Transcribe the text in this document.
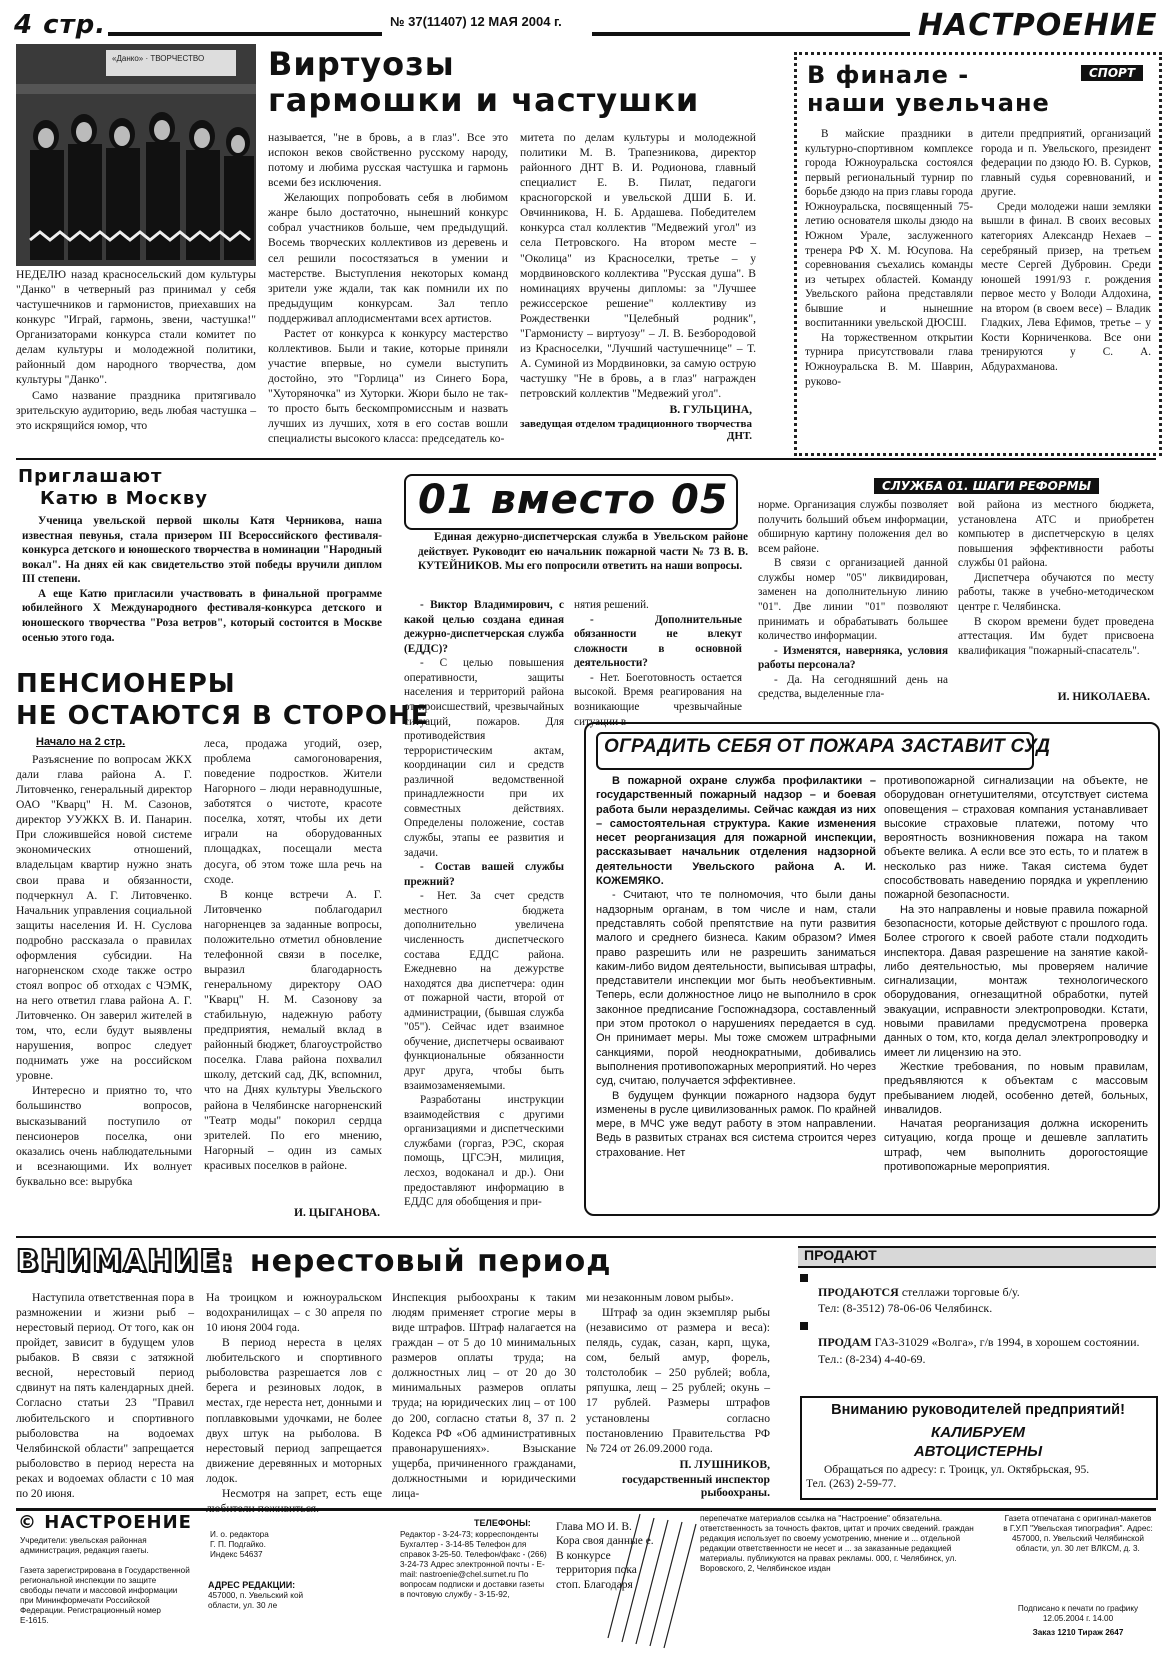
4 стр.	№ 37(11407) 12 МАЯ 2004 г.	НАСТРОЕНИЕ
«Данко» · ТВОРЧЕСТВО Виртуозы
гармошки и частушки

НЕДЕЛЮ назад красносельский дом культуры "Данко" в четверный раз принимал у себя частушечников и гармонистов, приехавших на конкурс "Играй, гармонь, звени, частушка!" Организаторами конкурса стали комитет по делам культуры и молодежной политики, районный дом народного творчества, дом культуры "Данко".

Само название праздника притягивало зрительскую аудиторию, ведь любая частушка – это искрящийся юмор, что

называется, "не в бровь, а в глаз". Все это испокон веков свойственно русскому народу, потому и любима русская частушка и гармонь всеми без исключения.

Желающих попробовать себя в любимом жанре было достаточно, нынешний конкурс собрал участников больше, чем предыдущий. Восемь творческих коллективов из деревень и сел решили посостязаться в умении и мастерстве. Выступления некоторых команд зрители уже ждали, так как помнили их по предыдущим конкурсам. Зал тепло поддерживал аплодисментами всех артистов.

Растет от конкурса к конкурсу мастерство коллективов. Были и такие, которые приняли участие впервые, но сумели выступить достойно, это "Горлица" из Синего Бора, "Хуторяночка" из Хуторки. Жюри было не так-то просто быть бескомпромиссным и назвать лучших из лучших, хотя в его состав вошли специалисты высокого класса: председатель ко-

митета по делам культуры и молодежной политики М. В. Трапезникова, директор районного ДНТ В. И. Родионова, главный специалист Е. В. Пилат, педагоги красногорской и увельской ДШИ Б. И. Овчинникова, Н. Б. Ардашева. Победителем конкурса стал коллектив "Медвежий угол" из села Петровского. На втором месте – "Околица" из Красноселки, третье – у мордвиновского коллектива "Русская душа". В номинациях вручены дипломы: за "Лучшее режиссерское решение" коллективу из Рождественки "Целебный родник", "Гармонисту – виртуозу" – Л. В. Безбородовой из Красноселки, "Лучший частушечнице" – Т. А. Суминой из Мордвиновки, за самую острую частушку "Не в бровь, а в глаз" награжден петровский коллектив "Медвежий угол".

В. ГУЛЬЦИНА,
заведущая отделом традиционного творчества ДНТ.
В финале -
наши увельчане
СПОРТ

В майские праздники в культурно-спортивном комплексе города Южноуральска состоялся первый региональный турнир по борьбе дзюдо на приз главы города Южноуральска, посвященный 75-летию основателя школы дзюдо на Южном Урале, заслуженного тренера РФ Х. М. Юсупова. На соревнования съехались команды из четырех областей. Команду Увельского района представляли бывшие и нынешние воспитанники увельской ДЮСШ.

На торжественном открытии турнира присутствовали глава Южноуральска В. М. Шаврин, руково-

дители предприятий, организаций города и п. Увельского, президент федерации по дзюдо Ю. В. Сурков, главный судья соревнований, и другие.

Среди молодежи наши земляки вышли в финал. В своих весовых категориях Александр Нехаев – серебряный призер, на третьем месте Сергей Дубровин. Среди юношей 1991/93 г. рождения первое место у Володи Алдохина, на втором (в своем весе) – Владик Гладких, Лева Ефимов, третье – у Кости Корниченкова. Все они тренируются у С. А. Абдурахманова.

Приглашают
Катю в Москву

Ученица увельской первой школы Катя Черникова, наша известная певунья, стала призером III Всероссийского фестиваля-конкурса детского и юношеского творчества в номинации "Народный вокал". На днях ей как свидетельство этой победы вручили диплом III степени.

А еще Катю пригласили участвовать в финальной программе юбилейного X Международного фестиваля-конкурса детского и юношеского творчества "Роза ветров", который состоится в Москве осенью этого года.

ПЕНСИОНЕРЫ
НЕ ОСТАЮТСЯ В СТОРОНЕ
Начало на 2 стр.

Разъяснение по вопросам ЖКХ дали глава района А. Г. Литовченко, генеральный директор ОАО "Кварц" Н. М. Сазонов, директор УУЖКХ В. И. Панарин. При сложившейся новой системе экономических отношений, владельцам квартир нужно знать свои права и обязанности, подчеркнул А. Г. Литовченко. Начальник управления социальной защиты населения И. Н. Суслова подробно рассказала о правилах оформления субсидии. На нагорненском сходе также остро стоял вопрос об отходах с ЧЭМК, на него ответил глава района А. Г. Литовченко. Он заверил жителей в том, что, если будут выявлены нарушения, вопрос следует поднимать уже на российском уровне.

Интересно и приятно то, что большинство вопросов, высказываний поступило от пенсионеров поселка, они оказались очень наблюдательными и всезнающими. Их волнует буквально все: вырубка

леса, продажа угодий, озер, проблема самогоноварения, поведение подростков. Жители Нагорного – люди неравнодушные, заботятся о чистоте, красоте поселка, хотят, чтобы их дети играли на оборудованных площадках, посещали места досуга, об этом тоже шла речь на сходе.

В конце встречи А. Г. Литовченко поблагодарил нагорненцев за заданные вопросы, положительно отметил обновление телефонной связи в поселке, выразил благодарность генеральному директору ОАО "Кварц" Н. М. Сазонову за стабильную, надежную работу предприятия, немалый вклад в районный бюджет, благоустройство поселка. Глава района похвалил школу, детский сад, ДК, вспомнил, что на Днях культуры Увельского района в Челябинске нагорненский "Театр моды" покорил сердца зрителей. По его мнению, Нагорный – один из самых красивых поселков в районе.

И. ЦЫГАНОВА.
01 вместо 05	СЛУЖБА 01. ШАГИ РЕФОРМЫ

Единая дежурно-диспетчерская служба в Увельском районе действует. Руководит ею начальник пожарной части № 73 В. В. КУТЕЙНИКОВ. Мы его попросили ответить на наши вопросы.

- Виктор Владимирович, с какой целью создана единая дежурно-диспетчерская служба (ЕДДС)?

- С целью повышения оперативности, защиты населения и территорий района от происшествий, чрезвычайных ситуаций, пожаров. Для противодействия террористическим актам, координации сил и средств различной ведомственной принадлежности при их совместных действиях. Определены положение, состав службы, этапы ее развития и задачи.

- Состав вашей службы прежний?

- Нет. За счет средств местного бюджета дополнительно увеличена численность диспетческого состава ЕДДС района. Ежедневно на дежурстве находятся два диспетчера: один от пожарной части, второй от администрации, (бывшая служба "05"). Сейчас идет взаимное обучение, диспетчеры осваивают функциональные обязанности друг друга, чтобы быть взаимозаменяемыми.

Разработаны инструкции взаимодействия с другими организациями и диспетческими службами (горгаз, РЭС, скорая помощь, ЦГСЭН, милиция, лесхоз, водоканал и др.). Они предоставляют информацию в ЕДДС для обобщения и при-

нятия решений.

- Дополнительные обязанности не влекут сложности в основной деятельности?

- Нет. Боеготовность остается высокой. Время реагирования на возникающие чрезвычайные ситуации в

норме. Организация службы позволяет получить больший объем информации, обширную картину положения дел во всем районе.

В связи с организацией данной службы номер "05" ликвидирован, заменен на дополнительную линию "01". Две линии "01" позволяют принимать и обрабатывать большее количество информации.

- Изменятся, наверняка, условия работы персонала?

- Да. На сегодняшний день на средства, выделенные гла-

вой района из местного бюджета, установлена АТС и приобретен компьютер в диспетчерскую в целях повышения эффективности работы службы 01 района.

Диспетчера обучаются по месту работы, также в учебно-методическом центре г. Челябинска.

В скором времени будет проведена аттестация. Им будет присвоена квалификация "пожарный-спасатель".

И. НИКОЛАЕВА.
ОГРАДИТЬ СЕБЯ ОТ ПОЖАРА ЗАСТАВИТ СУД

В пожарной охране служба профилактики – государственный пожарный надзор – и боевая работа были неразделимы. Сейчас каждая из них – самостоятельная структура. Какие изменения несет реорганизация для пожарной инспекции, рассказывает начальник отделения надзорной деятельности Увельского района А. И. КОЖЕМЯКО.

- Считают, что те полномочия, что были даны надзорным органам, в том числе и нам, стали представлять собой препятствие на пути развития малого и среднего бизнеса. Каким образом? Имея право разрешить или не разрешить заниматься каким-либо видом деятельности, выписывая штрафы, представители инспекции мог быть необъективным. Теперь, если должностное лицо не выполнило в срок законное предписание Госпожнадзора, составленный при этом протокол о нарушениях передается в суд. Он принимает меры. Мы тоже сможем штрафными санкциями, порой неоднократными, добивались выполнения противопожарных мероприятий. Но через суд, считаю, получается эффективнее.

В будущем функции пожарного надзора будут изменены в русле цивилизованных рамок. По крайней мере, в МЧС уже ведут работу в этом направлении. Ведь в развитых странах вся система строится через страхование. Нет

противопожарной сигнализации на объекте, не оборудован огнетушителями, отсутствует система оповещения – страховая компания устанавливает высокие страховые платежи, потому что вероятность возникновения пожара на таком объекте велика. А если все это есть, то и платеж в несколько раз ниже. Такая система будет способствовать наведению порядка и укреплению пожарной безопасности.

На это направлены и новые правила пожарной безопасности, которые действуют с прошлого года. Более строгого к своей работе стали подходить инспектора. Давая разрешение на занятие какой-либо деятельностью, мы проверяем наличие сигнализации, монтаж технологического оборудования, огнезащитной обработки, путей эвакуации, исправности электропроводки. Кстати, новыми правилами предусмотрена проверка данных о том, кто, когда делал электропроводку и имеет ли лицензию на это.

Жесткие требования, по новым правилам, предъявляются к объектам с массовым пребыванием людей, особенно детей, больных, инвалидов.

Начатая реорганизация должна искоренить ситуацию, когда проще и дешевле заплатить штраф, чем выполнить дорогостоящие противопожарные мероприятия.

ВНИМАНИЕ: нерестовый период

Наступила ответственная пора в размножении и жизни рыб – нерестовый период. От того, как он пройдет, зависит в будущем улов рыбаков. В связи с затяжной весной, нерестовый период сдвинут на пять календарных дней. Согласно статьи 23 "Правил любительского и спортивного рыболовства на водоемах Челябинской области" запрещается рыболовство в период нереста на реках и водоемах области с 10 мая по 20 июня.

На троицком и южноуральском водохранилищах – с 30 апреля по 10 июня 2004 года.

В период нереста в целях любительского и спортивного рыболовства разрешается лов с берега и резиновых лодок, в местах, где нереста нет, донными и поплавковыми удочками, не более двух штук на рыболова. В нерестовый период запрещается движение деревянных и моторных лодок.

Несмотря на запрет, есть еще

Инспекция рыбоохраны к таким людям применяет строгие меры в виде штрафов. Штраф налагается на граждан – от 5 до 10 минимальных размеров оплаты труда; на должностных лиц – от 20 до 30 минимальных размеров оплаты труда; на юридических лиц – от 100 до 200, согласно статьи 8, 37 п. 2 Кодекса РФ «Об административных правонарушениях». Взыскание ущерба, причиненного гражданами, должностными и юридическими лица-

ми незаконным ловом рыбы».

Штраф за один экземпляр рыбы (независимо от размера и веса): пелядь, судак, сазан, карп, щука, сом, белый амур, форель, толстолобик – 250 рублей; вобла, ряпушка, лещ – 25 рублей; окунь – 17 рублей. Размеры штрафов установлены согласно постановлению Правительства РФ № 724 от 26.09.2000 года.

П. ЛУШНИКОВ,
государственный инспектор рыбоохраны.
ПРОДАЮТ
ПРОДАЮТСЯ стеллажи торговые б/у.
Тел: (8-3512) 78-06-06 Челябинск.
ПРОДАМ ГАЗ-31029 «Волга», г/в 1994, в хорошем состоянии.
Тел.: (8-234) 4-40-69.
Вниманию руководителей предприятий!
КАЛИБРУЕМ
АВТОЦИСТЕРНЫ
Обращаться по адресу: г. Троицк, ул. Октябрьская, 95.
Тел. (263) 2-59-77.
© НАСТРОЕНИЕ
Учредители: увельская районная администрация, редакция газеты.
Газета зарегистрирована в Государственной региональной инспекции по защите свободы печати и массовой информации при Мининформечати Российской Федерации. Регистрационный номер Е-1615.
И. о. редактора
Г. П. Подгайко.
Индекс 54637
АДРЕС РЕДАКЦИИ:
457000, п. Увельский кой области, ул. 30 ле
ТЕЛЕФОНЫ:
Редактор - 3-24-73; корреспонденты Бухгалтер - 3-14-85 Телефон для справок 3-25-50. Телефон/факс - (266) 3-24-73 Адрес электронной почты - E-mail: nastroenie@chel.surnet.ru По вопросам подписки и доставки газеты в почтовую службу - 3-15-92,
Глава МО И. В. Кора своя данные е. В конкурсе территория пока стоп. Благодаря
перепечатке материалов ссылка на "Настроение" обязательна. ответственность за точность фактов, цитат и прочих сведений. граждан редакция использует по своему усмотрению, мнение и ... отдельной редакции ответственности не несет и ... за заказанные редакцией материалы. публикуются на правах рекламы. 000, г. Челябинск, ул. Воровского, 2, Челябинское издан
Газета отпечатана с оригинал-макетов в Г.У.П "Увельская типография". Адрес: 457000, п. Увельский Челябинской области, ул. 30 лет ВЛКСМ, д. 3.
Подписано к печати по графику 12.05.2004 г. 14.00
Заказ 1210 Тираж 2647
